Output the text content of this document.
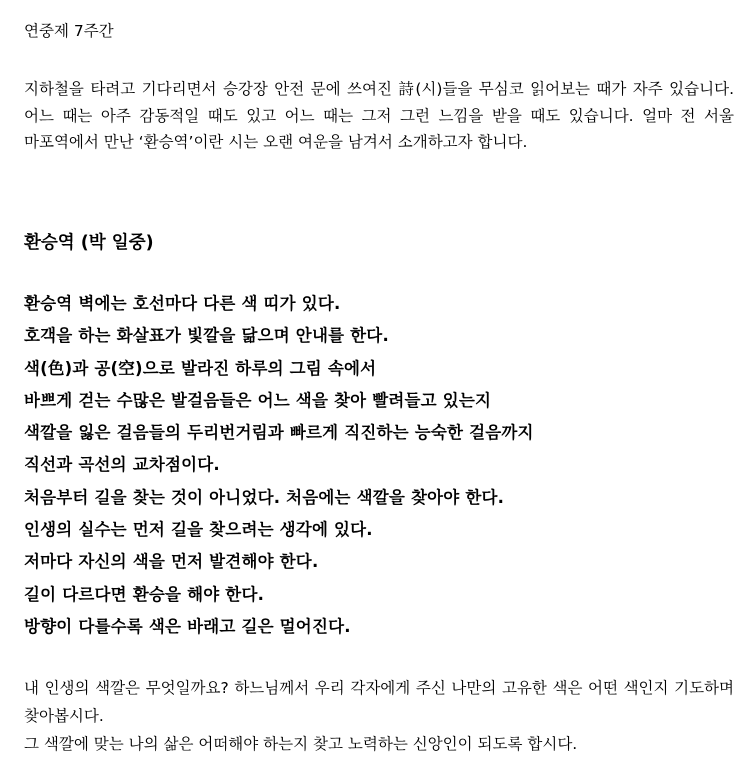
연중제 7주간
지하철을 타려고 기다리면서 승강장 안전 문에 쓰여진 詩(시)들을 무심코 읽어보는 때가 자주 있습니다. 어느 때는 아주 감동적일 때도 있고 어느 때는 그저 그런 느낌을 받을 때도 있습니다. 얼마 전 서울 마포역에서 만난 ‘환승역’이란 시는 오랜 여운을 남겨서 소개하고자 합니다.
환승역 (박 일중)
환승역 벽에는 호선마다 다른 색 띠가 있다.
호객을 하는 화살표가 빛깔을 닮으며 안내를 한다.
색(色)과 공(空)으로 발라진 하루의 그림 속에서
바쁘게 걷는 수많은 발걸음들은 어느 색을 찾아 빨려들고 있는지
색깔을 잃은 걸음들의 두리번거림과 빠르게 직진하는 능숙한 걸음까지
직선과 곡선의 교차점이다.
처음부터 길을 찾는 것이 아니었다. 처음에는 색깔을 찾아야 한다.
인생의 실수는 먼저 길을 찾으려는 생각에 있다.
저마다 자신의 색을 먼저 발견해야 한다.
길이 다르다면 환승을 해야 한다.
방향이 다를수록 색은 바래고 길은 멀어진다.

내 인생의 색깔은 무엇일까요? 하느님께서 우리 각자에게 주신 나만의 고유한 색은 어떤 색인지 기도하며 찾아봅시다.

그 색깔에 맞는 나의 삶은 어떠해야 하는지 찾고 노력하는 신앙인이 되도록 합시다.
